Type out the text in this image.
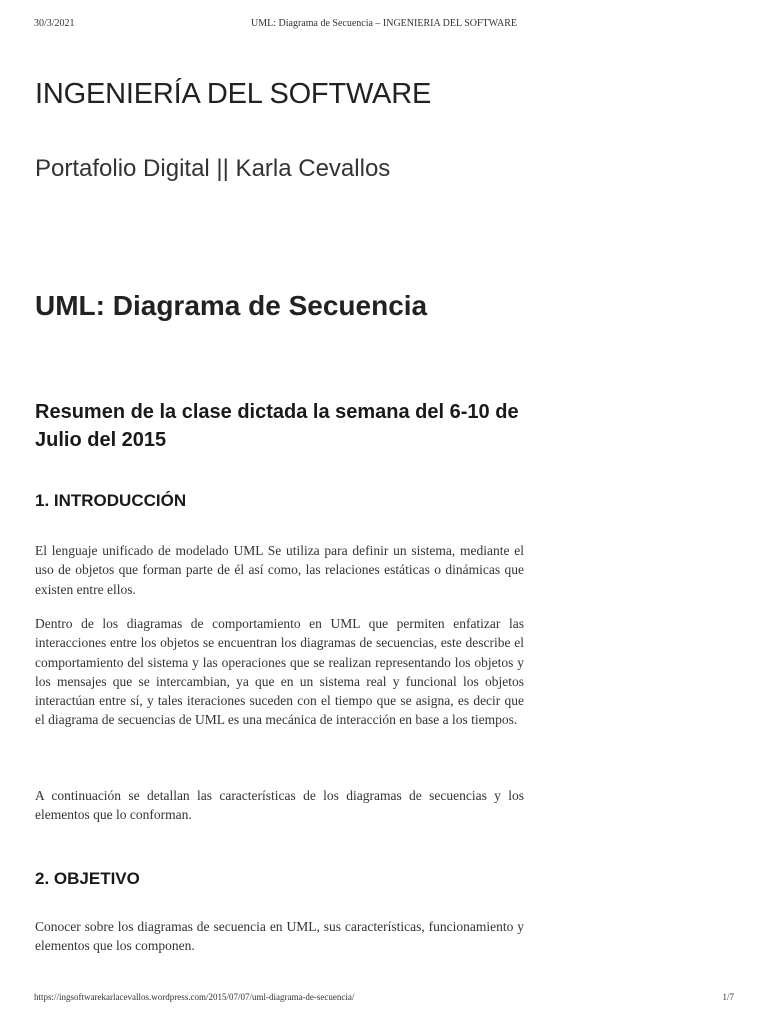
30/3/2021	UML: Diagrama de Secuencia – INGENIERIA DEL SOFTWARE
INGENIERÍA DEL SOFTWARE

Portafolio Digital || Karla Cevallos

UML: Diagrama de Secuencia
Resumen de la clase dictada la semana del 6-10 de Julio del 2015
1. INTRODUCCIÓN

El lenguaje unificado de modelado UML Se utiliza para definir un sistema, mediante el uso de objetos que forman parte de él así como, las relaciones estáticas o dinámicas que existen entre ellos.

Dentro de los diagramas de comportamiento en UML que permiten enfatizar las interacciones entre los objetos se encuentran los diagramas de secuencias, este describe el comportamiento del sistema y las operaciones que se realizan representando los objetos y los mensajes que se intercambian, ya que en un sistema real y funcional los objetos interactúan entre sí, y tales iteraciones suceden con el tiempo que se asigna, es decir que el diagrama de secuencias de UML es una mecánica de interacción en base a los tiempos.

A continuación se detallan las características de los diagramas de secuencias y los elementos que lo conforman.

2. OBJETIVO

Conocer sobre los diagramas de secuencia en UML, sus características, funcionamiento y elementos que los componen.

https://ingsoftwarekarlacevallos.wordpress.com/2015/07/07/uml-diagrama-de-secuencia/	1/7
